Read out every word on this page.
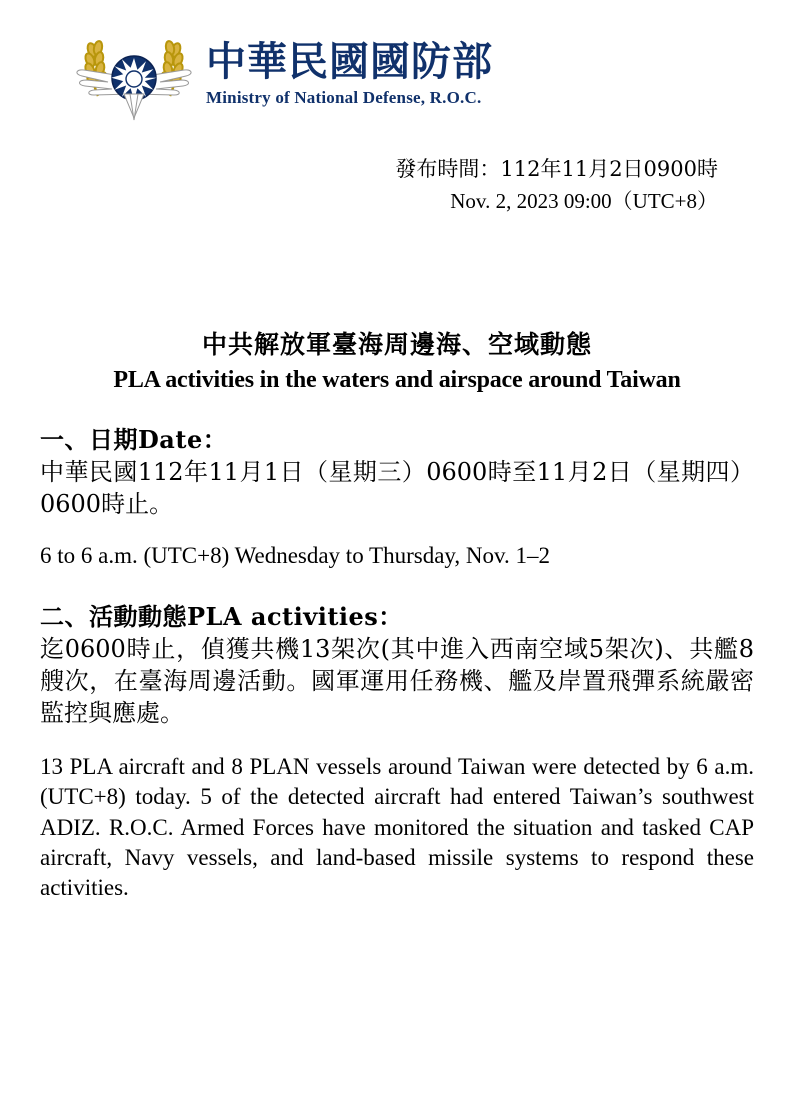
中華民國國防部
Ministry of National Defense, R.O.C.
發布時間：112年11月2日0900時
Nov. 2, 2023 09:00（UTC+8）
中共解放軍臺海周邊海、空域動態
PLA activities in the waters and airspace around Taiwan
一、日期Date：
中華民國112年11月1日（星期三）0600時至11月2日（星期四）0600時止。
6 to 6 a.m. (UTC+8) Wednesday to Thursday, Nov. 1–2
二、活動動態PLA activities：
迄0600時止，偵獲共機13架次(其中進入西南空域5架次)、共艦8艘次，在臺海周邊活動。國軍運用任務機、艦及岸置飛彈系統嚴密監控與應處。
13 PLA aircraft and 8 PLAN vessels around Taiwan were detected by 6 a.m.(UTC+8) today. 5 of the detected aircraft had entered Taiwan’s southwest ADIZ. R.O.C. Armed Forces have monitored the situation and tasked CAP aircraft, Navy vessels, and land-based missile systems to respond these activities.
